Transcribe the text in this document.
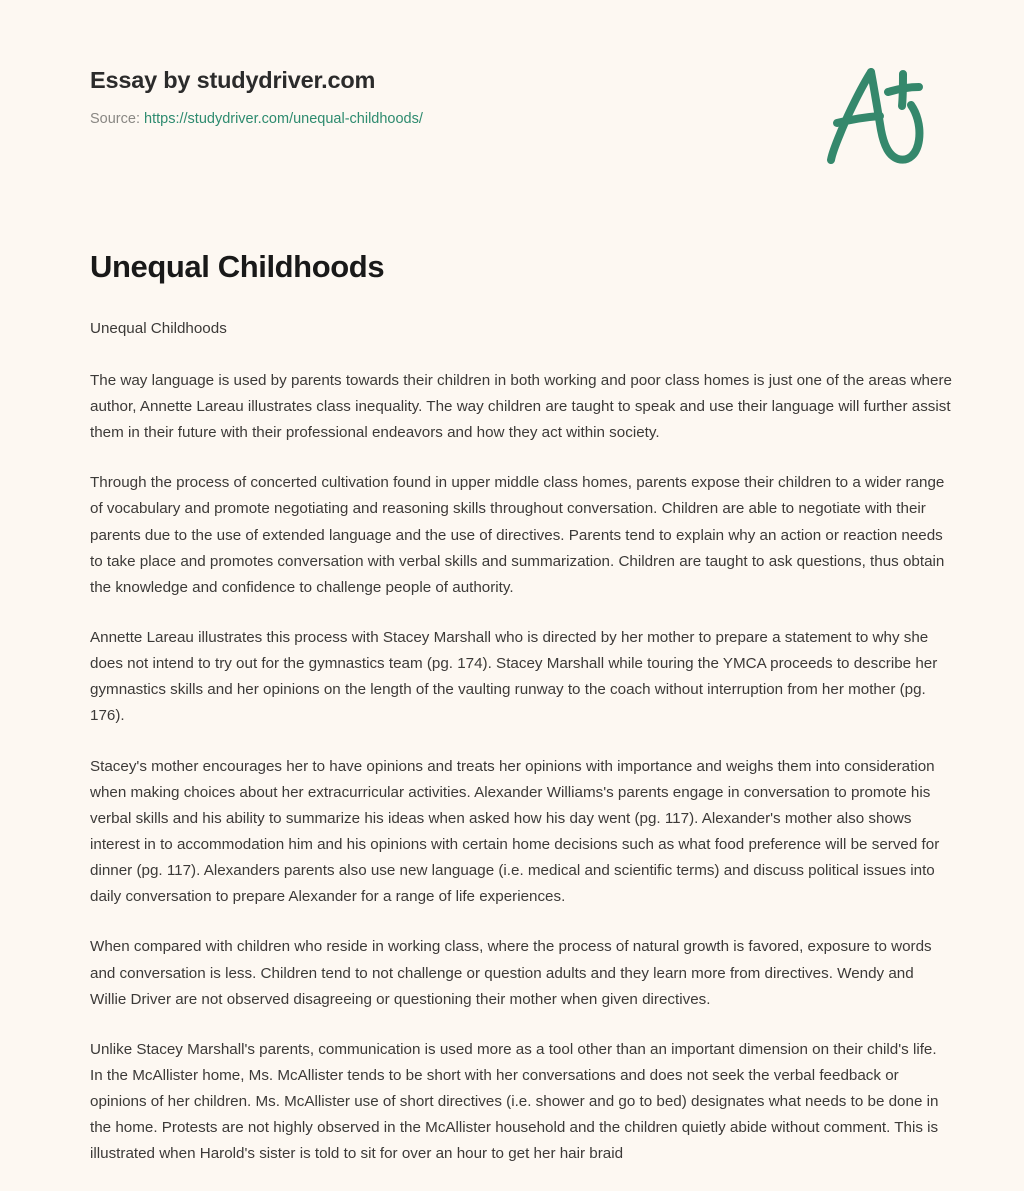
Essay by studydriver.com
Source: https://studydriver.com/unequal-childhoods/
Unequal Childhoods

Unequal Childhoods

The way language is used by parents towards their children in both working and poor class homes is just one of the areas where author, Annette Lareau illustrates class inequality. The way children are taught to speak and use their language will further assist them in their future with their professional endeavors and how they act within society.

Through the process of concerted cultivation found in upper middle class homes, parents expose their children to a wider range of vocabulary and promote negotiating and reasoning skills throughout conversation. Children are able to negotiate with their parents due to the use of extended language and the use of directives. Parents tend to explain why an action or reaction needs to take place and promotes conversation with verbal skills and summarization. Children are taught to ask questions, thus obtain the knowledge and confidence to challenge people of authority.

Annette Lareau illustrates this process with Stacey Marshall who is directed by her mother to prepare a statement to why she does not intend to try out for the gymnastics team (pg. 174). Stacey Marshall while touring the YMCA proceeds to describe her gymnastics skills and her opinions on the length of the vaulting runway to the coach without interruption from her mother (pg. 176).

Stacey's mother encourages her to have opinions and treats her opinions with importance and weighs them into consideration when making choices about her extracurricular activities. Alexander Williams's parents engage in conversation to promote his verbal skills and his ability to summarize his ideas when asked how his day went (pg. 117). Alexander's mother also shows interest in to accommodation him and his opinions with certain home decisions such as what food preference will be served for dinner (pg. 117). Alexanders parents also use new language (i.e. medical and scientific terms) and discuss political issues into daily conversation to prepare Alexander for a range of life experiences.

When compared with children who reside in working class, where the process of natural growth is favored, exposure to words and conversation is less. Children tend to not challenge or question adults and they learn more from directives. Wendy and Willie Driver are not observed disagreeing or questioning their mother when given directives.

Unlike Stacey Marshall's parents, communication is used more as a tool other than an important dimension on their child's life. In the McAllister home, Ms. McAllister tends to be short with her conversations and does not seek the verbal feedback or opinions of her children. Ms. McAllister use of short directives (i.e. shower and go to bed) designates what needs to be done in the home. Protests are not highly observed in the McAllister household and the children quietly abide without comment. This is illustrated when Harold's sister is told to sit for over an hour to get her hair braid
